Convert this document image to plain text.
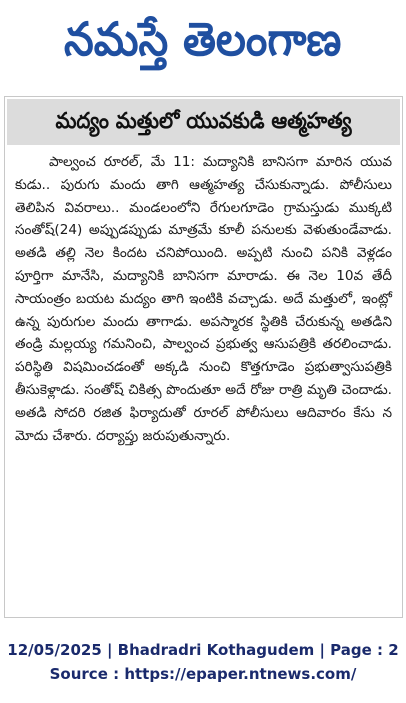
నమస్తే తెలంగాణ
మద్యం మత్తులో యువకుడి ఆత్మహత్య
పాల్వంచ రూరల్, మే 11: మద్యానికి బానిసగా మారిన యువకుడు.. పురుగు మందు తాగి ఆత్మహత్య చేసుకున్నాడు. పోలీసులు తెలిపిన వివరాలు.. మండలంలోని రేగులగూడెం గ్రామస్తుడు ముక్కటి సంతోష్(24) అప్పుడప్పుడు మాత్రమే కూలీ పనులకు వెళుతుండేవాడు. అతడి తల్లి నెల కిందట చనిపోయింది. అప్పటి నుంచి పనికి వెళ్లడం పూర్తిగా మానేసి, మద్యానికి బానిసగా మారాడు. ఈ నెల 10వ తేదీ సాయంత్రం బయట మద్యం తాగి ఇంటికి వచ్చాడు. అదే మత్తులో, ఇంట్లో ఉన్న పురుగుల మందు తాగాడు. అపస్మారక స్థితికి చేరుకున్న అతడిని తండ్రి మల్లయ్య గమనించి, పాల్వంచ ప్రభుత్వ ఆసుపత్రికి తరలించాడు. పరిస్థితి విషమించడంతో అక్కడి నుంచి కొత్తగూడెం ప్రభుత్వాసుపత్రికి తీసుకెళ్లాడు. సంతోష్ చికిత్స పొందుతూ అదే రోజు రాత్రి మృతి చెందాడు. అతడి సోదరి రజిత ఫిర్యాదుతో రూరల్ పోలీసులు ఆదివారం కేసు నమోదు చేశారు. దర్యాప్తు జరుపుతున్నారు.
12/05/2025 | Bhadradri Kothagudem | Page : 2
Source : https://epaper.ntnews.com/
